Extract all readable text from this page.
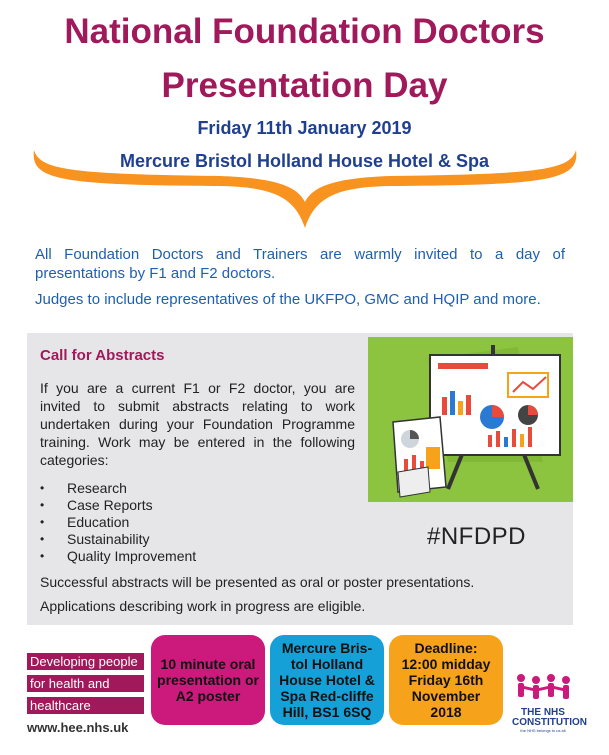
National Foundation Doctors
Presentation Day
Friday 11th January 2019
Mercure Bristol Holland House Hotel & Spa

All Foundation Doctors and Trainers are warmly invited to a day of presentations by F1 and F2 doctors.

Judges to include representatives of the UKFPO, GMC and HQIP and more.

Call for Abstracts

If you are a current F1 or F2 doctor, you are invited to submit abstracts relating to work undertaken during your Foundation Programme training. Work may be entered in the following categories:

• Research
• Case Reports
• Education
• Sustainability
• Quality Improvement

Successful abstracts will be presented as oral or poster presentations.

Applications describing work in progress are eligible.

#NFDPD
Developing people
for health and
healthcare
www.hee.nhs.uk
10 minute oral presentation or A2 poster
Mercure Bris-tol Holland House Hotel & Spa Red-cliffe Hill, BS1 6SQ
Deadline: 12:00 midday Friday 16th November 2018	THE NHS CONSTITUTION
the NHS belongs to us all
